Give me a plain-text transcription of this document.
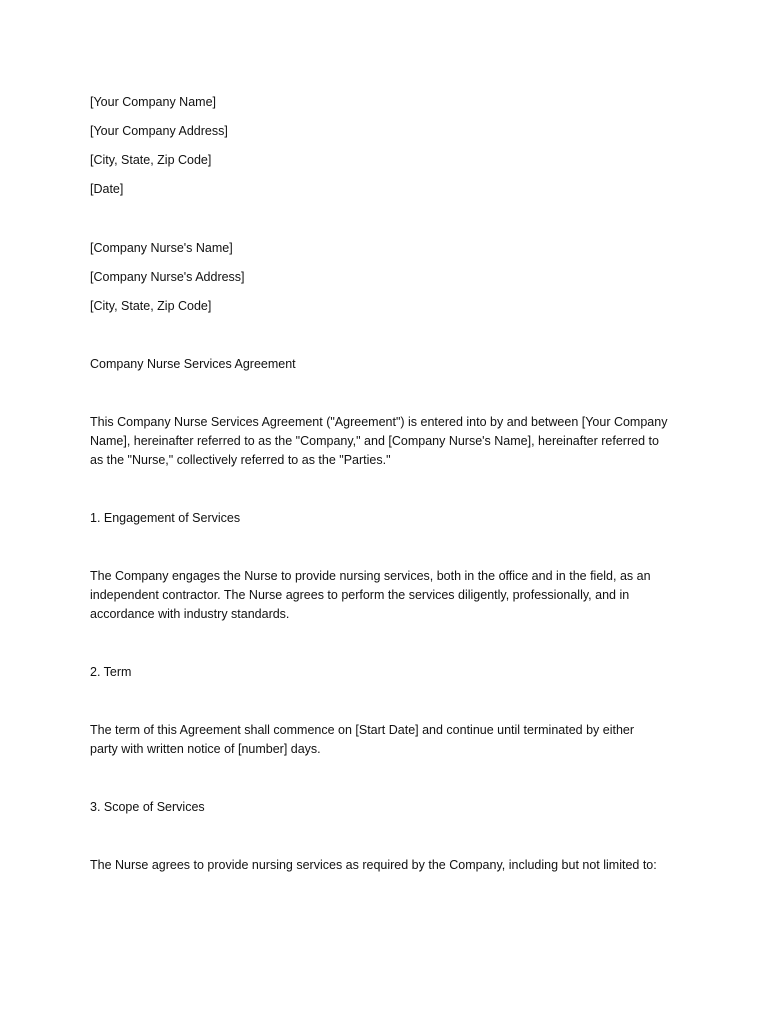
[Your Company Name]

[Your Company Address]

[City, State, Zip Code]

[Date]

[Company Nurse's Name]

[Company Nurse's Address]

[City, State, Zip Code]

Company Nurse Services Agreement

This Company Nurse Services Agreement ("Agreement") is entered into by and between [Your Company
Name], hereinafter referred to as the "Company," and [Company Nurse's Name], hereinafter referred to
as the "Nurse," collectively referred to as the "Parties."

1. Engagement of Services

The Company engages the Nurse to provide nursing services, both in the office and in the field, as an
independent contractor. The Nurse agrees to perform the services diligently, professionally, and in
accordance with industry standards.

2. Term

The term of this Agreement shall commence on [Start Date] and continue until terminated by either
party with written notice of [number] days.

3. Scope of Services

The Nurse agrees to provide nursing services as required by the Company, including but not limited to:
